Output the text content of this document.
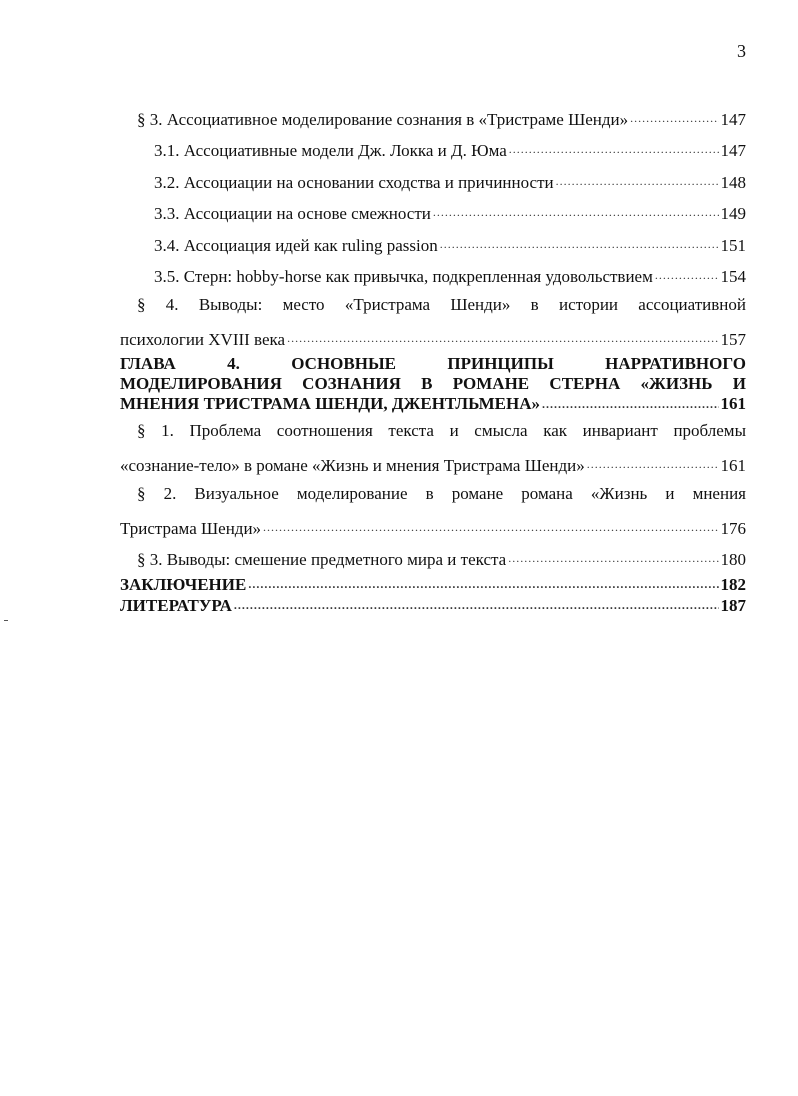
3
§ 3. Ассоциативное моделирование сознания в «Тристраме Шенди» .....	147
3.1. Ассоциативные модели Дж. Локка и Д. Юма .....	147
3.2. Ассоциации на основании сходства и причинности .....	148
3.3. Ассоциации на основе смежности .....	149
3.4. Ассоциация идей как ruling passion .....	151
3.5. Стерн: hobby-horse как привычка, подкрепленная удовольствием .....	154
§ 4. Выводы: место «Тристрама Шенди» в истории ассоциативной
психологии XVIII века .....	157
ГЛАВА 4. ОСНОВНЫЕ ПРИНЦИПЫ НАРРАТИВНОГО
МОДЕЛИРОВАНИЯ СОЗНАНИЯ В РОМАНЕ СТЕРНА «ЖИЗНЬ И
МНЕНИЯ ТРИСТРАМА ШЕНДИ, ДЖЕНТЛЬМЕНА» .....	161
§ 1. Проблема соотношения текста и смысла как инвариант проблемы
«сознание-тело» в романе «Жизнь и мнения Тристрама Шенди» .....	161
§ 2. Визуальное моделирование в романе романа «Жизнь и мнения
Тристрама Шенди» .....	176
§ 3. Выводы: смешение предметного мира и текста .....	180
ЗАКЛЮЧЕНИЕ .....	182
ЛИТЕРАТУРА .....	187
